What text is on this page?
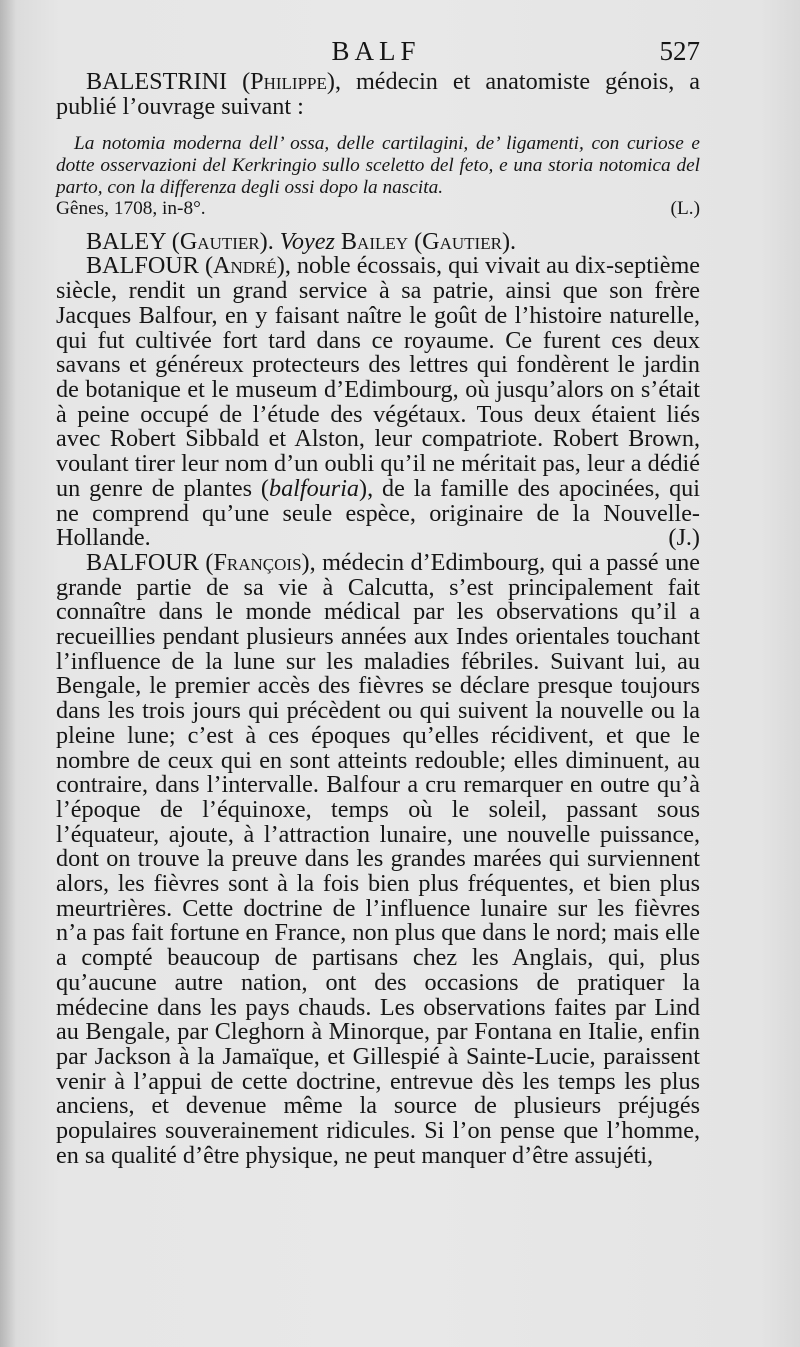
BALF	527

BALESTRINI (Philippe), médecin et anatomiste génois, a publié l’ouvrage suivant :

La notomia moderna dell’ ossa, delle cartilagini, de’ ligamenti, con curiose e dotte osservazioni del Kerkringio sullo sceletto del feto, e una storia notomica del parto, con la differenza degli ossi dopo la nascita.
Gênes, 1708, in-8°.	(L.)

BALEY (Gautier). Voyez Bailey (Gautier).

BALFOUR (André), noble écossais, qui vivait au dix-septième siècle, rendit un grand service à sa patrie, ainsi que son frère Jacques Balfour, en y faisant naître le goût de l’histoire naturelle, qui fut cultivée fort tard dans ce royaume. Ce furent ces deux savans et généreux protecteurs des lettres qui fondèrent le jardin de botanique et le museum d’Edimbourg, où jusqu’alors on s’était à peine occupé de l’étude des végétaux. Tous deux étaient liés avec Robert Sibbald et Alston, leur compatriote. Robert Brown, voulant tirer leur nom d’un oubli qu’il ne méritait pas, leur a dédié un genre de plantes (balfouria), de la famille des apocinées, qui ne comprend qu’une seule espèce, originaire de la Nouvelle-Hollande.	(J.)

BALFOUR (François), médecin d’Edimbourg, qui a passé une grande partie de sa vie à Calcutta, s’est principalement fait connaître dans le monde médical par les observations qu’il a recueillies pendant plusieurs années aux Indes orientales touchant l’influence de la lune sur les maladies fébriles. Suivant lui, au Bengale, le premier accès des fièvres se déclare presque toujours dans les trois jours qui précèdent ou qui suivent la nouvelle ou la pleine lune; c’est à ces époques qu’elles récidivent, et que le nombre de ceux qui en sont atteints redouble; elles diminuent, au contraire, dans l’intervalle. Balfour a cru remarquer en outre qu’à l’époque de l’équinoxe, temps où le soleil, passant sous l’équateur, ajoute, à l’attraction lunaire, une nouvelle puissance, dont on trouve la preuve dans les grandes marées qui surviennent alors, les fièvres sont à la fois bien plus fréquentes, et bien plus meurtrières. Cette doctrine de l’influence lunaire sur les fièvres n’a pas fait fortune en France, non plus que dans le nord; mais elle a compté beaucoup de partisans chez les Anglais, qui, plus qu’aucune autre nation, ont des occasions de pratiquer la médecine dans les pays chauds. Les observations faites par Lind au Bengale, par Cleghorn à Minorque, par Fontana en Italie, enfin par Jackson à la Jamaïque, et Gillespié à Sainte-Lucie, paraissent venir à l’appui de cette doctrine, entrevue dès les temps les plus anciens, et devenue même la source de plusieurs préjugés populaires souverainement ridicules. Si l’on pense que l’homme, en sa qualité d’être physique, ne peut manquer d’être assujéti,
